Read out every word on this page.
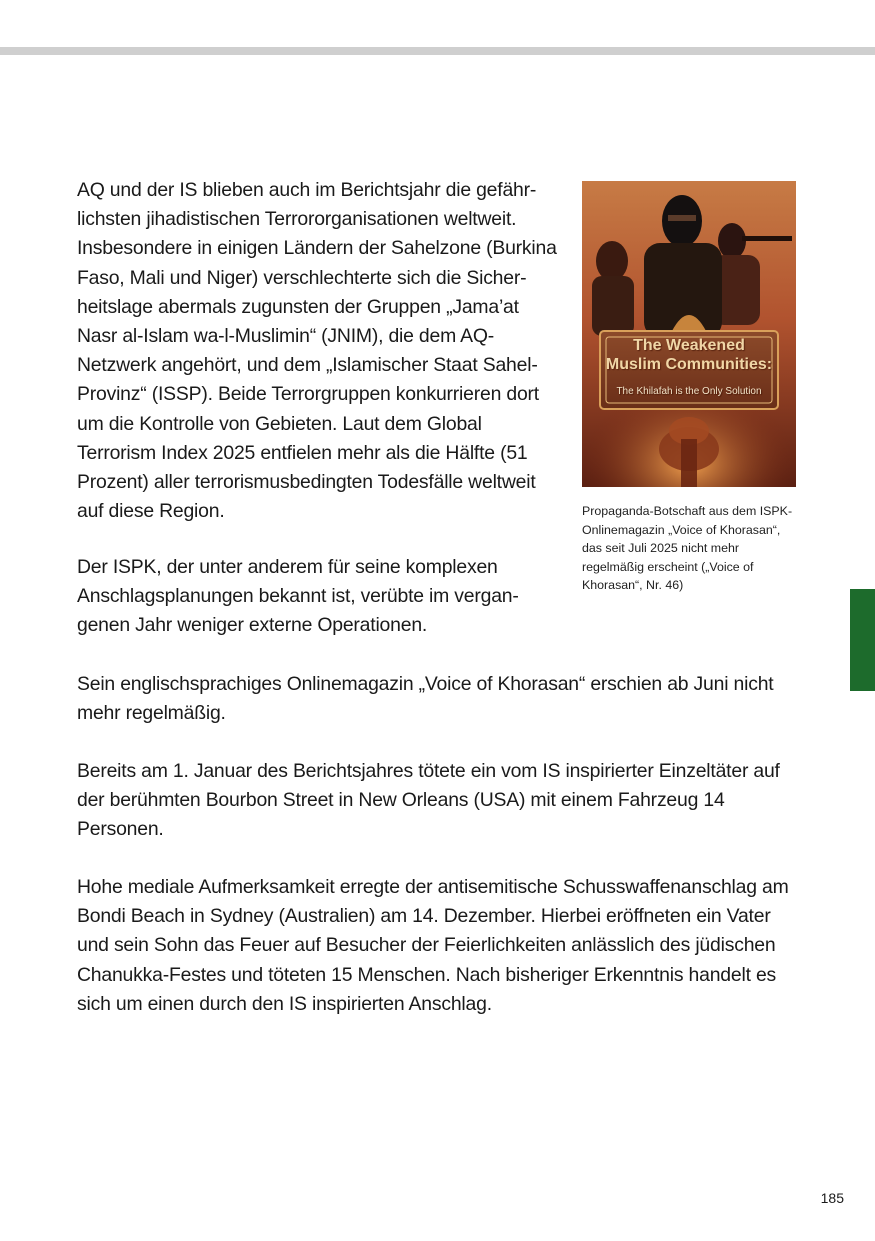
AQ und der IS blieben auch im Berichtsjahr die gefährlichsten jihadistischen Terrororganisationen weltweit. Insbesondere in einigen Ländern der Sahelzone (Burkina Faso, Mali und Niger) verschlechterte sich die Sicherheitslage abermals zugunsten der Gruppen „Jama’at Nasr al-Islam wa-l-Muslimin“ (JNIM), die dem AQ-Netzwerk angehört, und dem „Islamischer Staat Sahel-Provinz“ (ISSP). Beide Terrorgruppen konkurrieren dort um die Kontrolle von Gebieten. Laut dem Global Terrorism Index 2025 entfielen mehr als die Hälfte (51 Prozent) aller terrorismusbedingten Todesfälle weltweit auf diese Region.

Der ISPK, der unter anderem für seine komplexen Anschlagsplanungen bekannt ist, verübte im vergangenen Jahr weniger externe Operationen.

Sein englischsprachiges Onlinemagazin „Voice of Khorasan“ erschien ab Juni nicht mehr regelmäßig.

Bereits am 1. Januar des Berichtsjahres tötete ein vom IS inspirierter Einzeltäter auf der berühmten Bourbon Street in New Orleans (USA) mit einem Fahrzeug 14 Personen.

Hohe mediale Aufmerksamkeit erregte der antisemitische Schusswaffenanschlag am Bondi Beach in Sydney (Australien) am 14. Dezember. Hierbei eröffneten ein Vater und sein Sohn das Feuer auf Besucher der Feierlichkeiten anlässlich des jüdischen Chanukka-Festes und töteten 15 Menschen. Nach bisheriger Erkenntnis handelt es sich um einen durch den IS inspirierten Anschlag.

The Weakened
Muslim Communities:
The Khilafah is the Only Solution

Propaganda-Botschaft aus dem ISPK-Onlinemagazin „Voice of Khorasan“, das seit Juli 2025 nicht mehr regelmäßig erscheint („Voice of Khorasan“, Nr. 46)

185
